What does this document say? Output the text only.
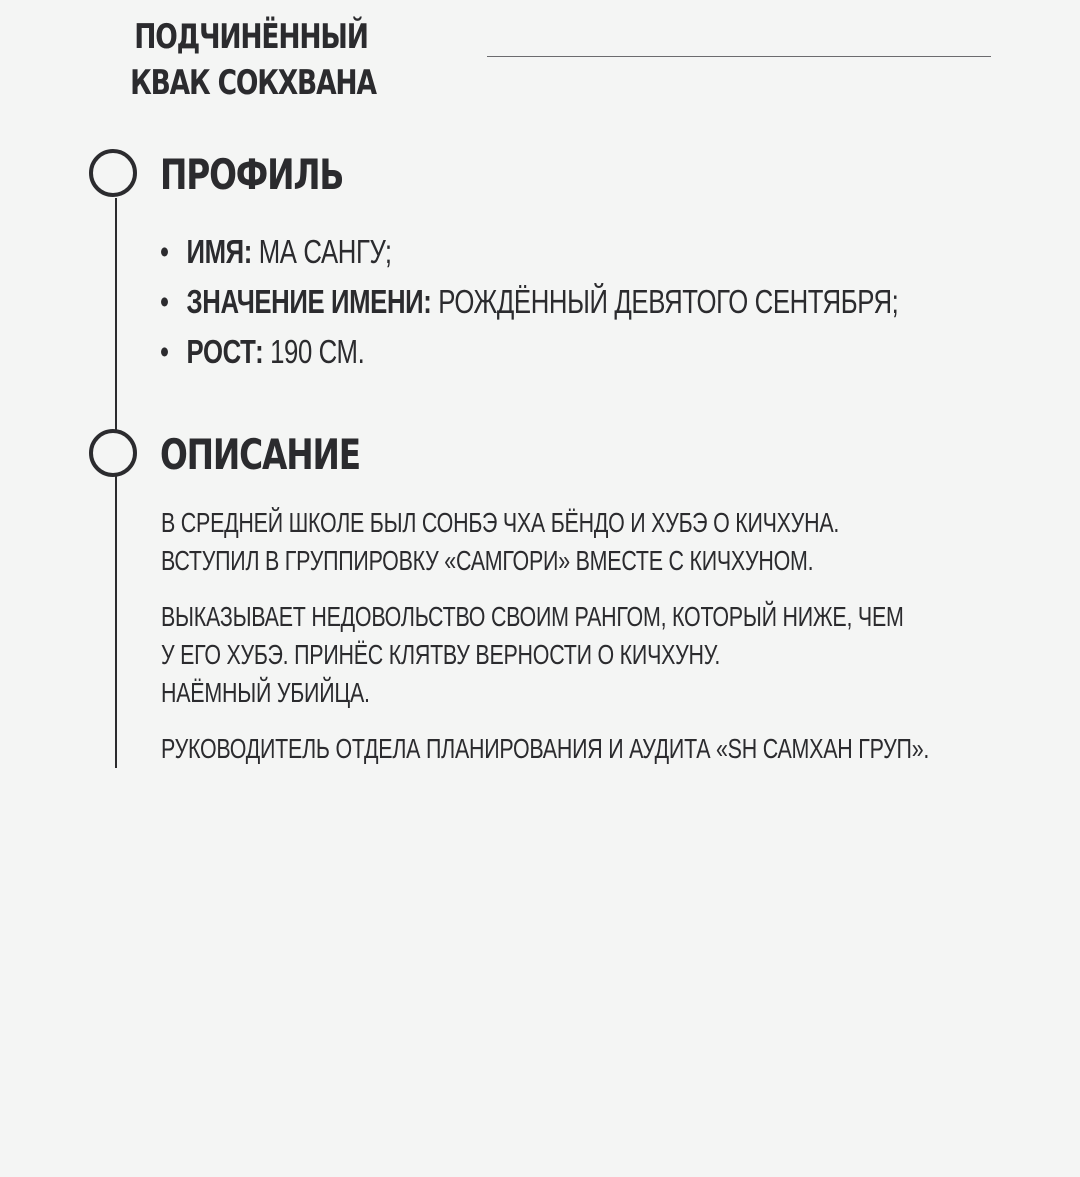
ПОДЧИНЁННЫЙ
КВАК СОКХВАНА
ПРОФИЛЬ
• ИМЯ: МА САНГУ;
• ЗНАЧЕНИЕ ИМЕНИ: РОЖДЁННЫЙ ДЕВЯТОГО СЕНТЯБРЯ;
• РОСТ: 190 СМ.
ОПИСАНИЕ

В СРЕДНЕЙ ШКОЛЕ БЫЛ СОНБЭ ЧХА БЁНДО И ХУБЭ О КИЧХУНА.
ВСТУПИЛ В ГРУППИРОВКУ «САМГОРИ» ВМЕСТЕ С КИЧХУНОМ.

ВЫКАЗЫВАЕТ НЕДОВОЛЬСТВО СВОИМ РАНГОМ, КОТОРЫЙ НИЖЕ, ЧЕМ
У ЕГО ХУБЭ. ПРИНЁС КЛЯТВУ ВЕРНОСТИ О КИЧХУНУ.
НАЁМНЫЙ УБИЙЦА.

РУКОВОДИТЕЛЬ ОТДЕЛА ПЛАНИРОВАНИЯ И АУДИТА «SH САМХАН ГРУП».
